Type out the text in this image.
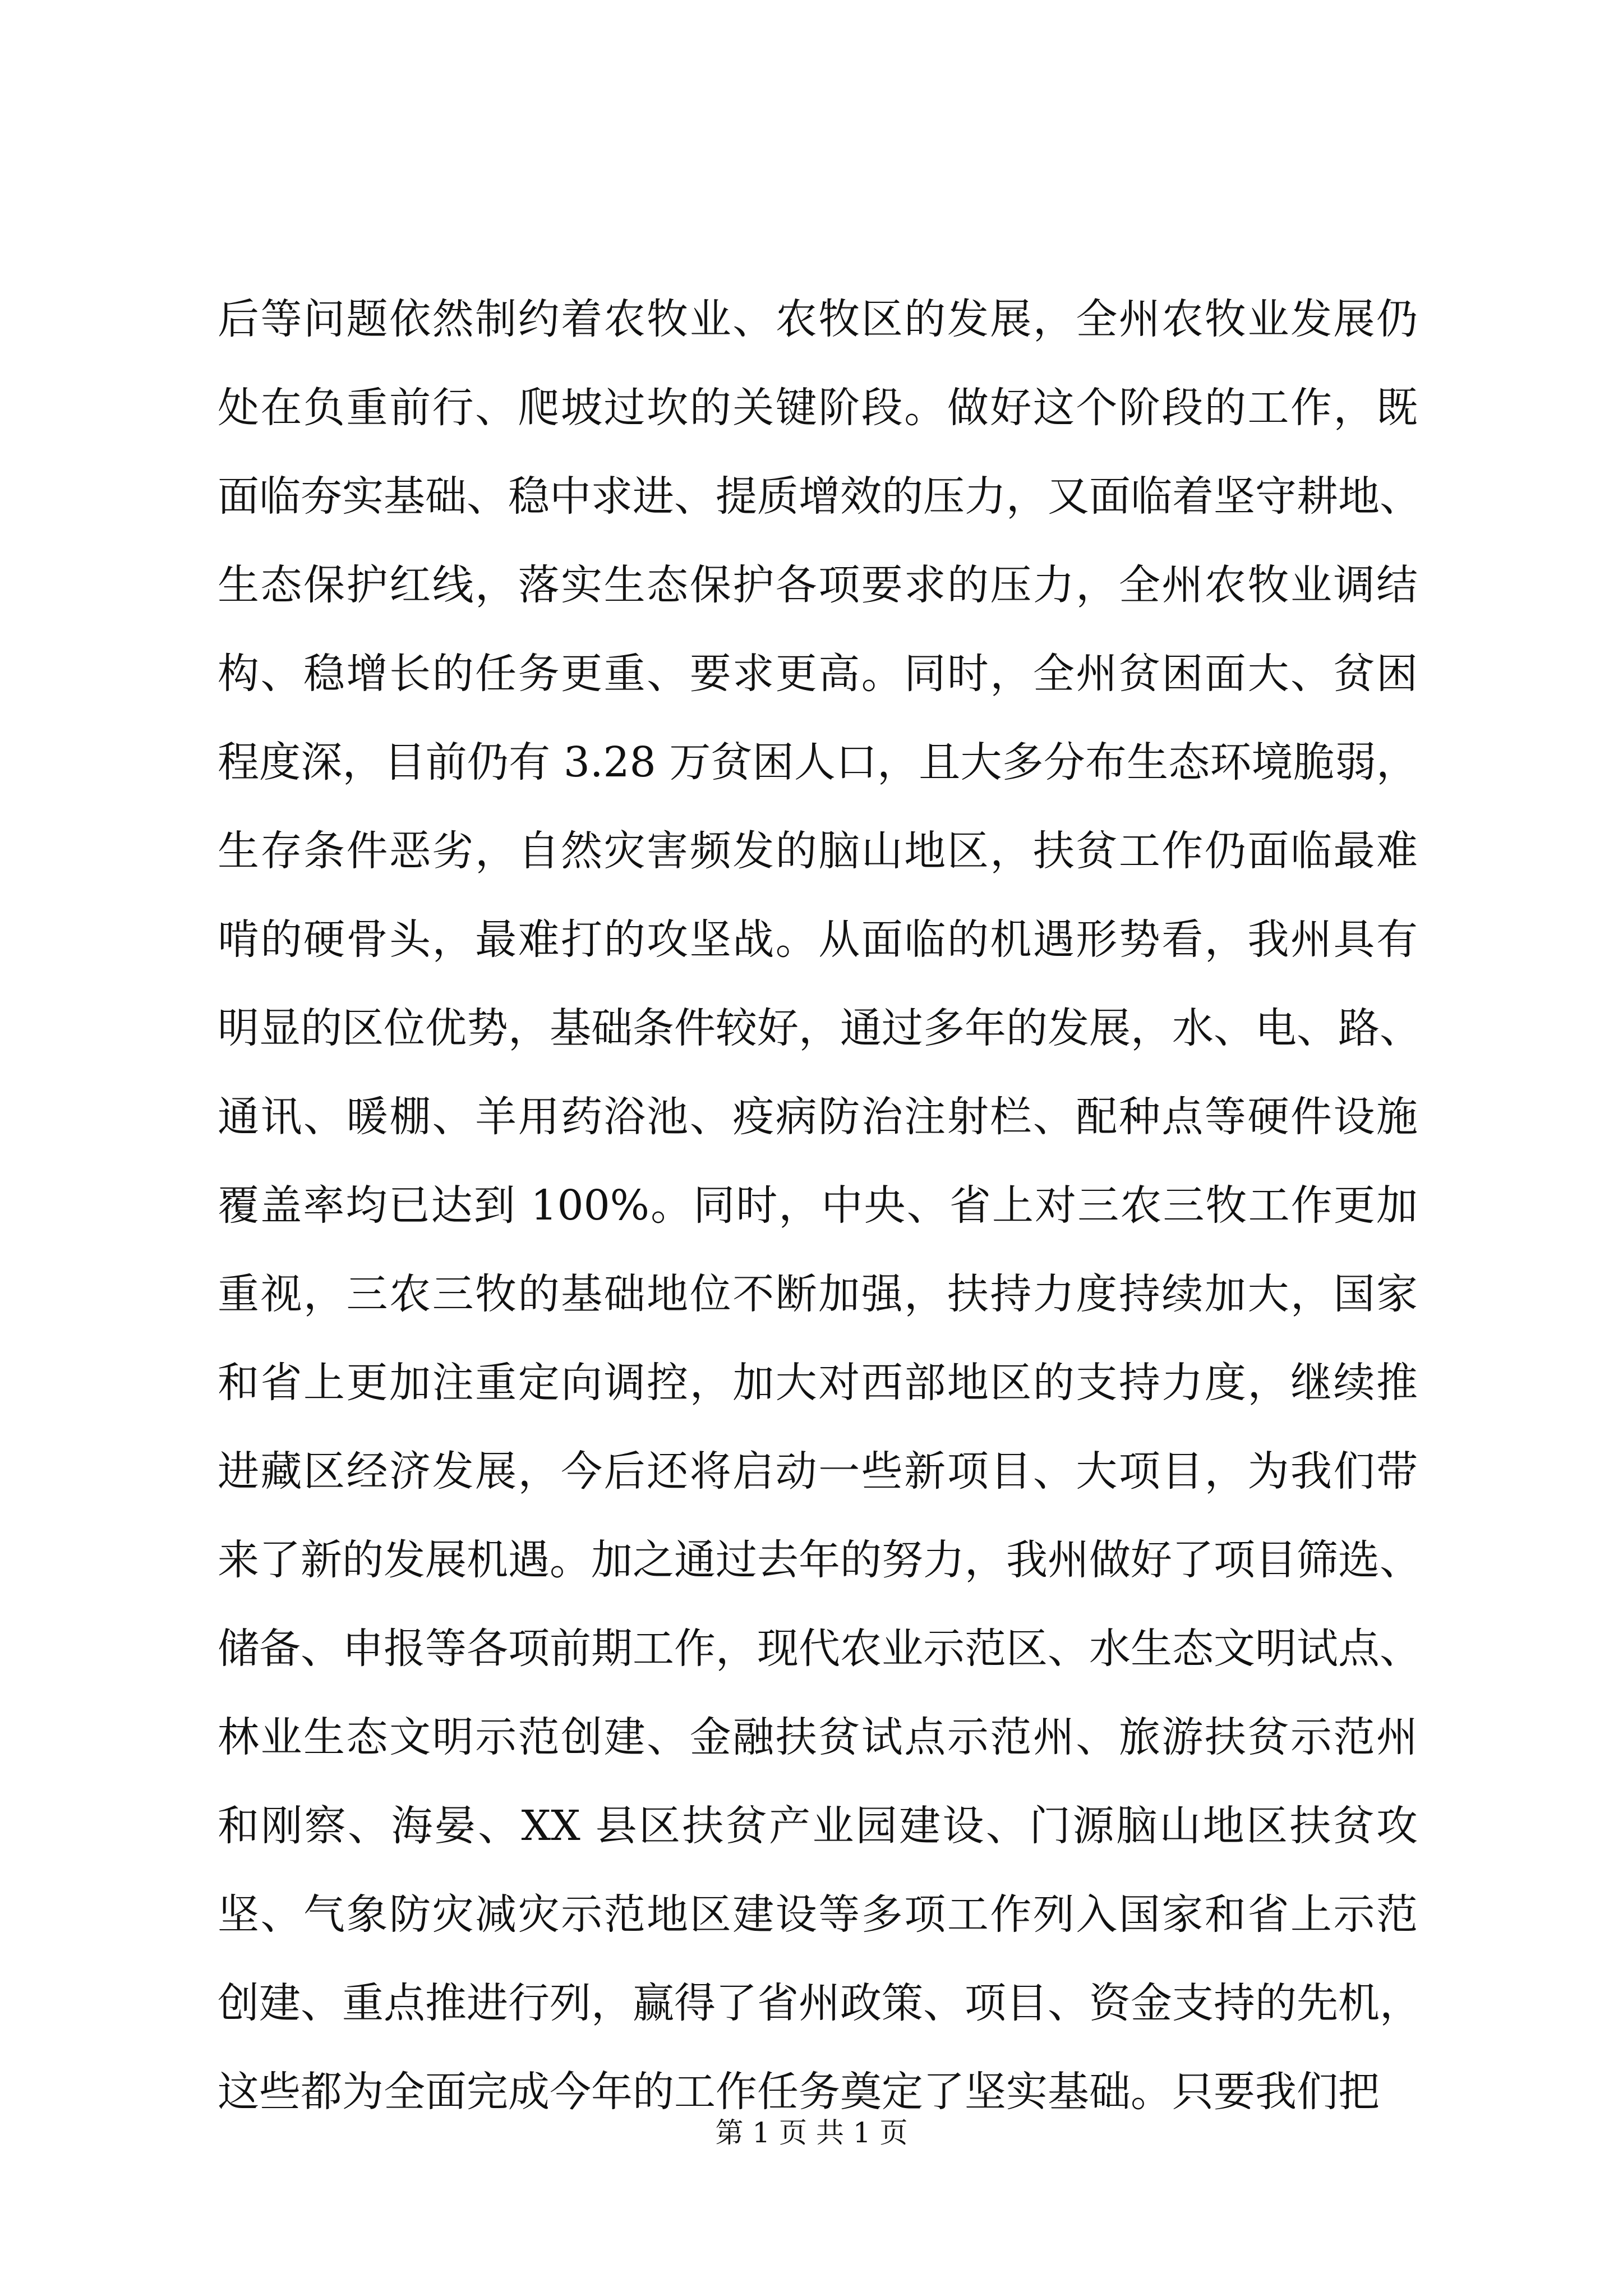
后等问题依然制约着农牧业、农牧区的发展，全州农牧业发展仍
处在负重前行、爬坡过坎的关键阶段。做好这个阶段的工作，既
面临夯实基础、稳中求进、提质增效的压力，又面临着坚守耕地、
生态保护红线，落实生态保护各项要求的压力，全州农牧业调结
构、稳增长的任务更重、要求更高。同时，全州贫困面大、贫困
程度深，目前仍有 3.28 万贫困人口，且大多分布生态环境脆弱，
生存条件恶劣，自然灾害频发的脑山地区，扶贫工作仍面临最难
啃的硬骨头，最难打的攻坚战。从面临的机遇形势看，我州具有
明显的区位优势，基础条件较好，通过多年的发展，水、电、路、
通讯、暖棚、羊用药浴池、疫病防治注射栏、配种点等硬件设施
覆盖率均已达到 100%。同时，中央、省上对三农三牧工作更加
重视，三农三牧的基础地位不断加强，扶持力度持续加大，国家
和省上更加注重定向调控，加大对西部地区的支持力度，继续推
进藏区经济发展，今后还将启动一些新项目、大项目，为我们带
来了新的发展机遇。加之通过去年的努力，我州做好了项目筛选、
储备、申报等各项前期工作，现代农业示范区、水生态文明试点、
林业生态文明示范创建、金融扶贫试点示范州、旅游扶贫示范州
和刚察、海晏、XX 县区扶贫产业园建设、门源脑山地区扶贫攻
坚、气象防灾减灾示范地区建设等多项工作列入国家和省上示范
创建、重点推进行列，赢得了省州政策、项目、资金支持的先机，
这些都为全面完成今年的工作任务奠定了坚实基础。只要我们把
第 1 页 共 1 页
